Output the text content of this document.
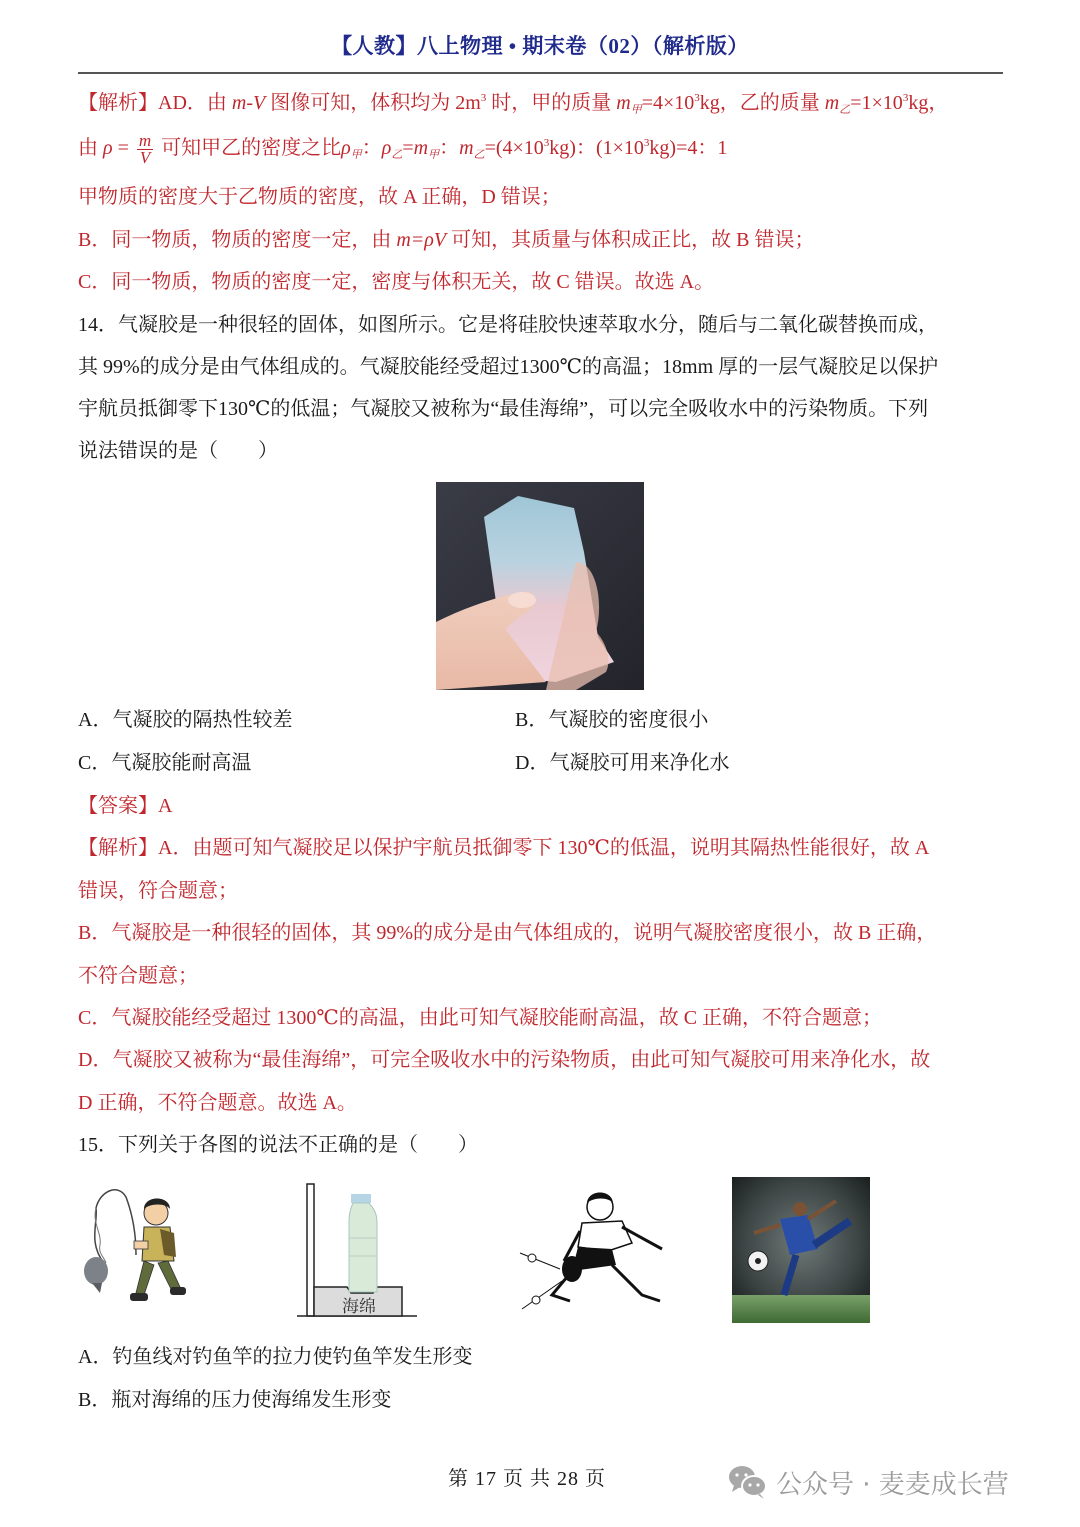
【人教】八上物理 • 期末卷（02）（解析版）
【解析】AD．由 m-V 图像可知，体积均为 $2m^3$ 时，甲的质量 $m_甲=4\times 10^3kg$，乙的质量 $m_乙=1\times 10^3kg$，
由 $\rho = \frac{m}{V}$ 可知甲乙的密度之比$\rho_甲$：$\rho_乙=m_甲$：$m_乙=(4\times 10^3kg)$：$(1\times 10^3kg)=4$：1
甲物质的密度大于乙物质的密度，故 A 正确，D 错误；
B．同一物质，物质的密度一定，由 m=ρV 可知，其质量与体积成正比，故 B 错误；
C．同一物质，物质的密度一定，密度与体积无关，故 C 错误。故选 A。
14．气凝胶是一种很轻的固体，如图所示。它是将硅胶快速萃取水分，随后与二氧化碳替换而成，
其 99%的成分是由气体组成的。气凝胶能经受超过1300℃的高温；18mm 厚的一层气凝胶足以保护
宇航员抵御零下130℃的低温；气凝胶又被称为“最佳海绵”，可以完全吸收水中的污染物质。下列
说法错误的是（　　）
A．气凝胶的隔热性较差	B．气凝胶的密度很小
C．气凝胶能耐高温	D．气凝胶可用来净化水
【答案】A
【解析】A．由题可知气凝胶足以保护宇航员抵御零下 130℃的低温，说明其隔热性能很好，故 A
错误，符合题意；
B．气凝胶是一种很轻的固体，其 99%的成分是由气体组成的，说明气凝胶密度很小，故 B 正确，
不符合题意；
C．气凝胶能经受超过 1300℃的高温，由此可知气凝胶能耐高温，故 C 正确，不符合题意；
D．气凝胶又被称为“最佳海绵”，可完全吸收水中的污染物质，由此可知气凝胶可用来净化水，故
D 正确，不符合题意。故选 A。
15．下列关于各图的说法不正确的是（　　）
海绵
A．钓鱼线对钓鱼竿的拉力使钓鱼竿发生形变
B．瓶对海绵的压力使海绵发生形变
第 17 页 共 28 页	公众号 · 麦麦成长营
